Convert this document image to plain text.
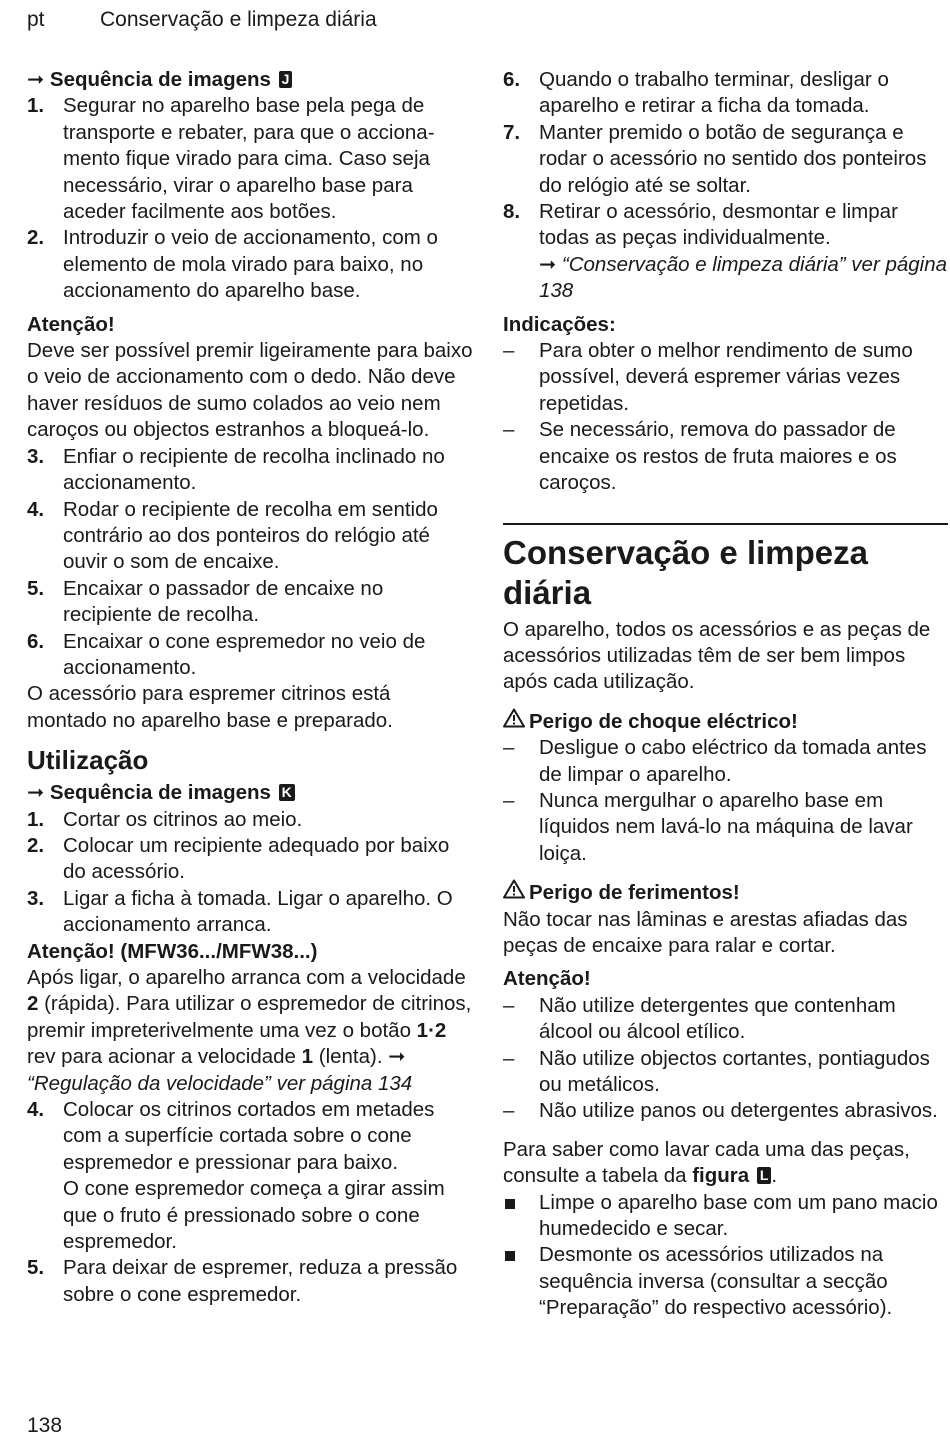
pt	Conservação e limpeza diária

➞ Sequência de imagens J

1. Segurar no aparelho base pela pega de transporte e rebater, para que o accionamento fique virado para cima. Caso seja necessário, virar o aparelho base para aceder facilmente aos botões.
2. Introduzir o veio de accionamento, com o elemento de mola virado para baixo, no accionamento do aparelho base.

Atenção!

Deve ser possível premir ligeiramente para baixo o veio de accionamento com o dedo. Não deve haver resíduos de sumo colados ao veio nem caroços ou objectos estranhos a bloqueá-lo.

3. Enfiar o recipiente de recolha inclinado no accionamento.
4. Rodar o recipiente de recolha em sentido contrário ao dos ponteiros do relógio até ouvir o som de encaixe.
5. Encaixar o passador de encaixe no recipiente de recolha.
6. Encaixar o cone espremedor no veio de accionamento.

O acessório para espremer citrinos está montado no aparelho base e preparado.

Utilização

➞ Sequência de imagens K

1. Cortar os citrinos ao meio.
2. Colocar um recipiente adequado por baixo do acessório.
3. Ligar a ficha à tomada. Ligar o aparelho. O accionamento arranca.

Atenção! (MFW36.../MFW38...)

Após ligar, o aparelho arranca com a velocidade 2 (rápida). Para utilizar o espremedor de citrinos, premir impreterivelmente uma vez o botão 1·2 rev para acionar a velocidade 1 (lenta). ➞ “Regulação da velocidade” ver página 134

4. Colocar os citrinos cortados em metades com a superfície cortada sobre o cone espremedor e pressionar para baixo.
O cone espremedor começa a girar assim que o fruto é pressionado sobre o cone espremedor.
5. Para deixar de espremer, reduza a pressão sobre o cone espremedor.
6. Quando o trabalho terminar, desligar o aparelho e retirar a ficha da tomada.
7. Manter premido o botão de segurança e rodar o acessório no sentido dos ponteiros do relógio até se soltar.
8. Retirar o acessório, desmontar e limpar todas as peças individualmente.
➞ “Conservação e limpeza diária” ver página 138

Indicações:

– Para obter o melhor rendimento de sumo possível, deverá espremer várias vezes repetidas.
– Se necessário, remova do passador de encaixe os restos de fruta maiores e os caroços.

Conservação e limpeza diária

O aparelho, todos os acessórios e as peças de acessórios utilizadas têm de ser bem limpos após cada utilização.

Perigo de choque eléctrico!

– Desligue o cabo eléctrico da tomada antes de limpar o aparelho.
– Nunca mergulhar o aparelho base em líquidos nem lavá-lo na máquina de lavar loiça.

Perigo de ferimentos!

Não tocar nas lâminas e arestas afiadas das peças de encaixe para ralar e cortar.

Atenção!

– Não utilize detergentes que contenham álcool ou álcool etílico.
– Não utilize objectos cortantes, pontiagudos ou metálicos.
– Não utilize panos ou detergentes abrasivos.

Para saber como lavar cada uma das peças, consulte a tabela da figura L .

Limpe o aparelho base com um pano macio humedecido e secar.
Desmonte os acessórios utilizados na sequência inversa (consultar a secção “Preparação” do respectivo acessório).
138
